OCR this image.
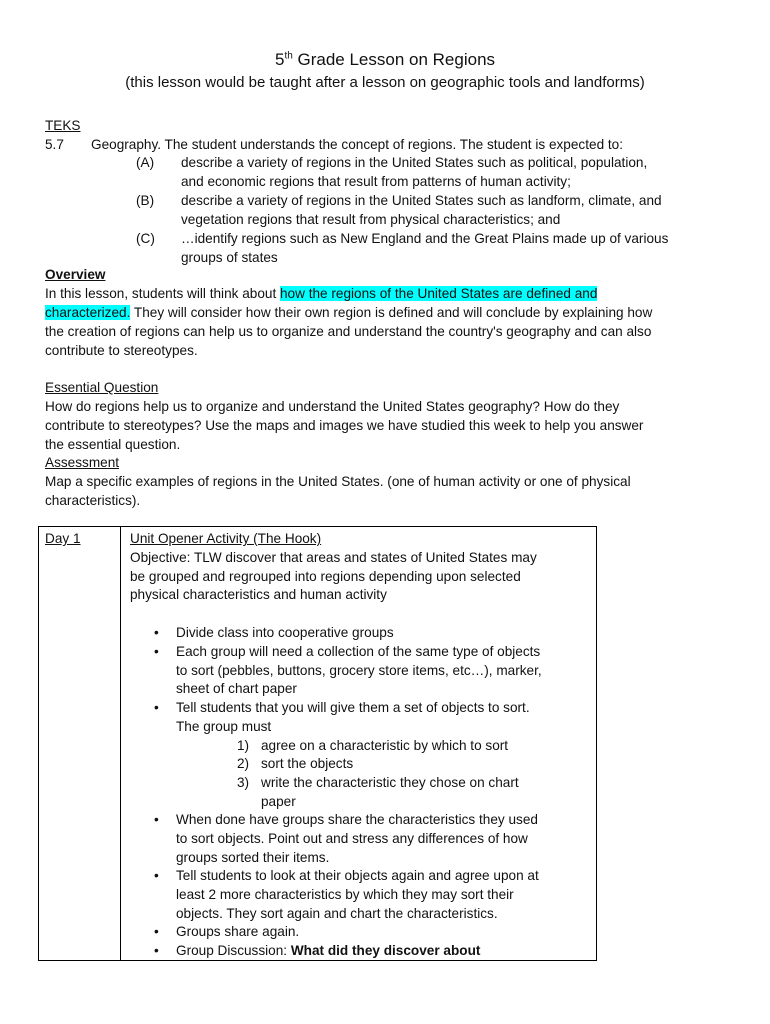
5th Grade Lesson on Regions
(this lesson would be taught after a lesson on geographic tools and landforms)
TEKS
5.7 Geography. The student understands the concept of regions. The student is expected to:
(A) describe a variety of regions in the United States such as political, population,
and economic regions that result from patterns of human activity;
(B) describe a variety of regions in the United States such as landform, climate, and
vegetation regions that result from physical characteristics; and
(C) …identify regions such as New England and the Great Plains made up of various
groups of states
Overview
In this lesson, students will think about how the regions of the United States are defined and
characterized. They will consider how their own region is defined and will conclude by explaining how
the creation of regions can help us to organize and understand the country's geography and can also
contribute to stereotypes.
Essential Question
How do regions help us to organize and understand the United States geography? How do they
contribute to stereotypes? Use the maps and images we have studied this week to help you answer
the essential question.
Assessment
Map a specific examples of regions in the United States. (one of human activity or one of physical
characteristics).
Day 1	Unit Opener Activity (The Hook)
Objective: TLW discover that areas and states of United States may
be grouped and regrouped into regions depending upon selected
physical characteristics and human activity
Divide class into cooperative groups
Each group will need a collection of the same type of objects
to sort (pebbles, buttons, grocery store items, etc…), marker,
sheet of chart paper
Tell students that you will give them a set of objects to sort.
The group must
1) agree on a characteristic by which to sort
2) sort the objects
3) write the characteristic they chose on chart
paper
When done have groups share the characteristics they used
to sort objects. Point out and stress any differences of how
groups sorted their items.
Tell students to look at their objects again and agree upon at
least 2 more characteristics by which they may sort their
objects. They sort again and chart the characteristics.
Groups share again.
Group Discussion: What did they discover about
